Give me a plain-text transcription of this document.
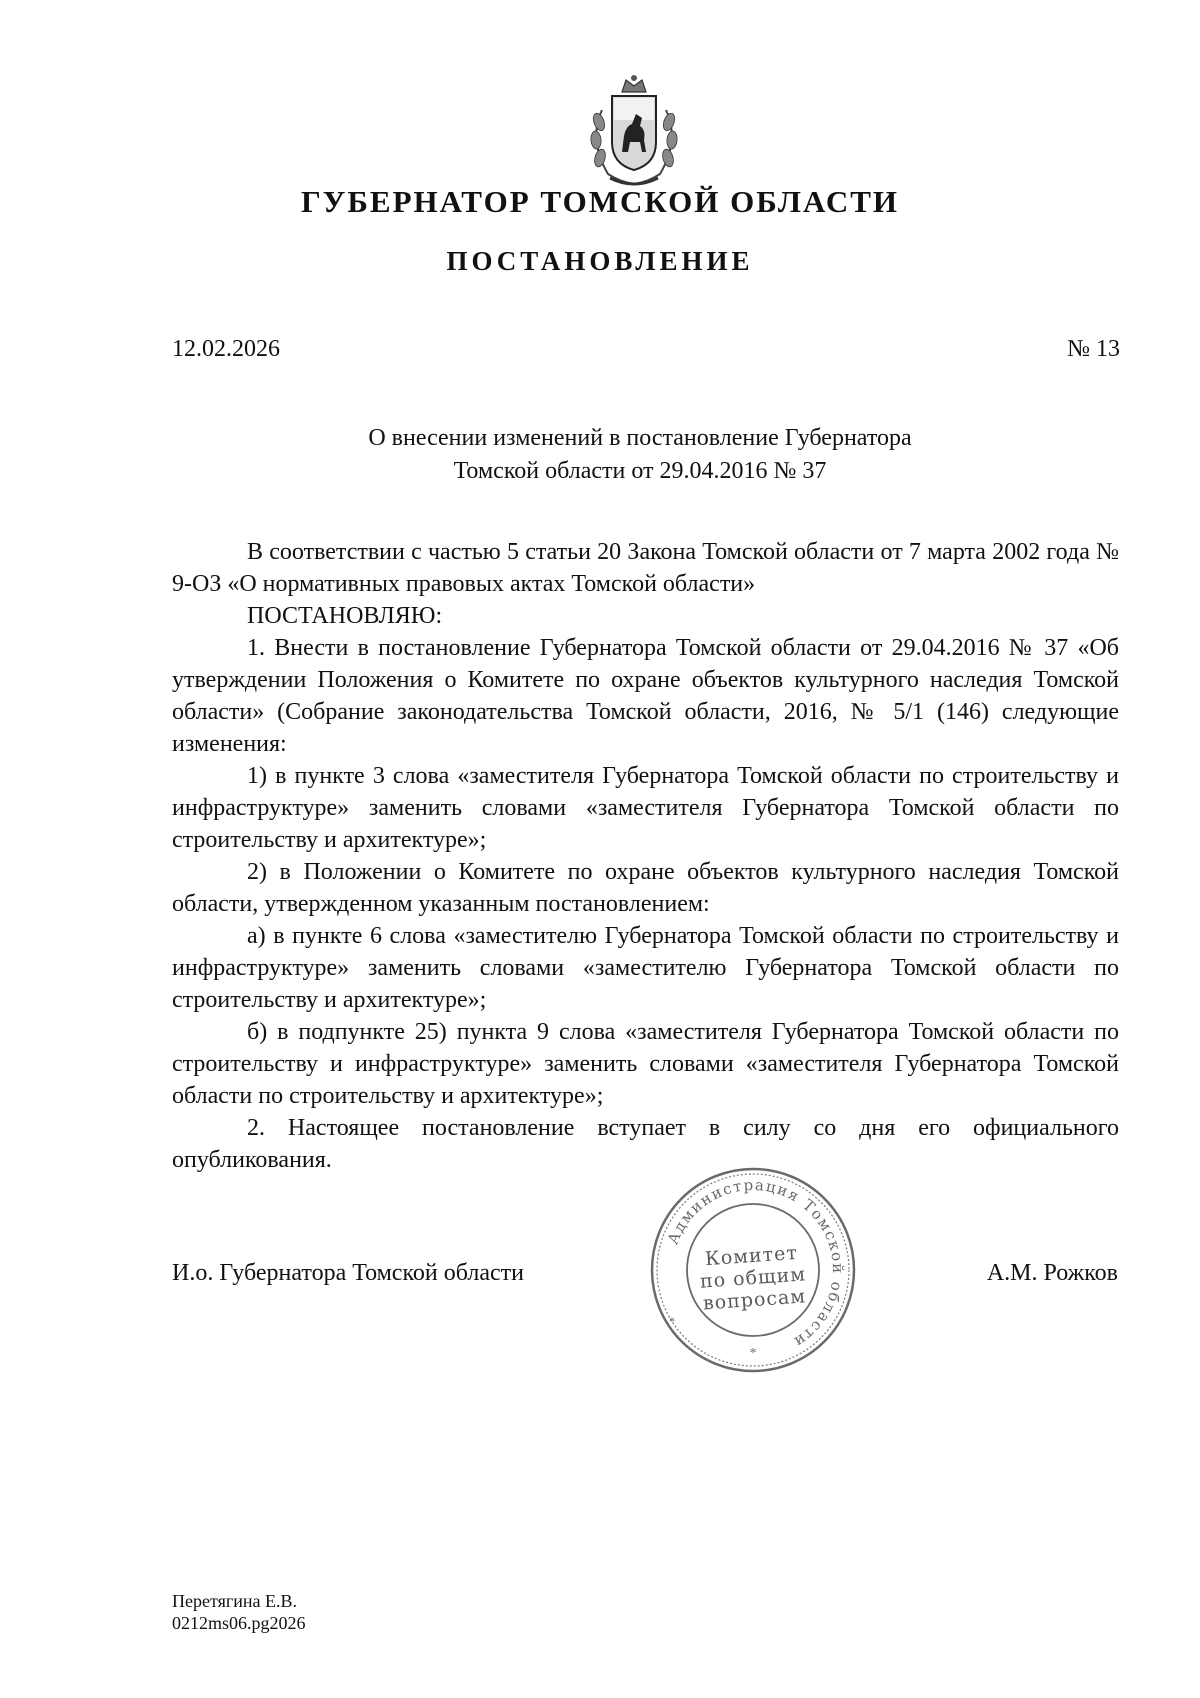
ГУБЕРНАТОР ТОМСКОЙ ОБЛАСТИ
ПОСТАНОВЛЕНИЕ
12.02.2026	№ 13
О внесении изменений в постановление Губернатора
Томской области от 29.04.2016 № 37

В соответствии с частью 5 статьи 20 Закона Томской области от 7 марта 2002 года № 9-ОЗ «О нормативных правовых актах Томской области»

ПОСТАНОВЛЯЮ:

1. Внести в постановление Губернатора Томской области от 29.04.2016 № 37 «Об утверждении Положения о Комитете по охране объектов культурного наследия Томской области» (Собрание законодательства Томской области, 2016, № 5/1 (146) следующие изменения:

1) в пункте 3 слова «заместителя Губернатора Томской области по строительству и инфраструктуре» заменить словами «заместителя Губернатора Томской области по строительству и архитектуре»;

2) в Положении о Комитете по охране объектов культурного наследия Томской области, утвержденном указанным постановлением:

а) в пункте 6 слова «заместителю Губернатора Томской области по строительству и инфраструктуре» заменить словами «заместителю Губернатора Томской области по строительству и архитектуре»;

б) в подпункте 25) пункта 9 слова «заместителя Губернатора Томской области по строительству и инфраструктуре» заменить словами «заместителя Губернатора Томской области по строительству и архитектуре»;

2. Настоящее постановление вступает в силу со дня его официального опубликования.

И.о. Губернатора Томской области	А.М. Рожков
Администрация Томской области
*
*
Комитет
по общим
вопросам
Перетягина Е.В.
0212ms06.pg2026
